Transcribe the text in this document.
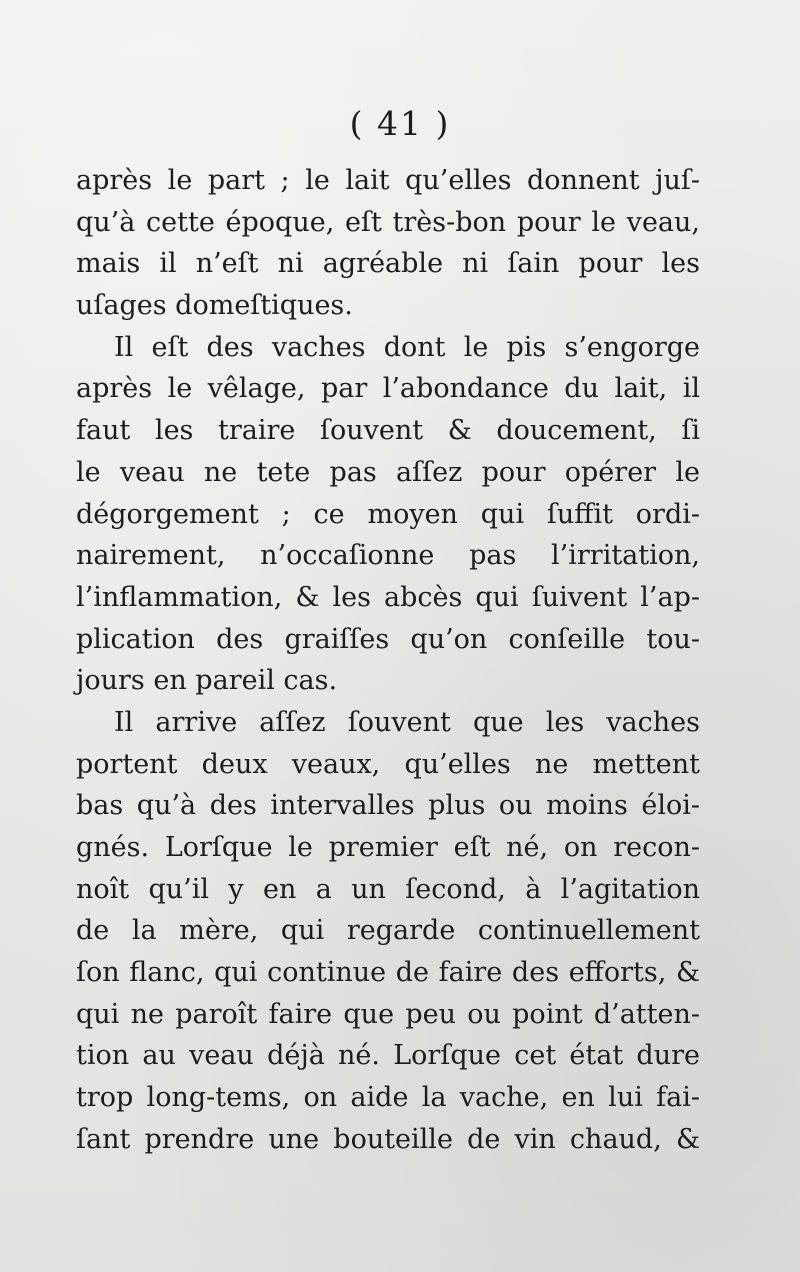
( 41 )
après le part ; le lait qu’elles donnent juſ-
qu’à cette époque, eſt très-bon pour le veau,
mais il n’eſt ni agréable ni ſain pour les
uſages domeſtiques.
Il eſt des vaches dont le pis s’engorge
après le vêlage, par l’abondance du lait, il
faut les traire ſouvent & doucement, ſi
le veau ne tete pas aſſez pour opérer le
dégorgement ; ce moyen qui ſuffit ordi-
nairement, n’occaſionne pas l’irritation,
l’inflammation, & les abcès qui ſuivent l’ap-
plication des graiſſes qu’on conſeille tou-
jours en pareil cas.
Il arrive aſſez ſouvent que les vaches
portent deux veaux, qu’elles ne mettent
bas qu’à des intervalles plus ou moins éloi-
gnés. Lorſque le premier eſt né, on recon-
noît qu’il y en a un ſecond, à l’agitation
de la mère, qui regarde continuellement
ſon flanc, qui continue de faire des efforts, &
qui ne paroît faire que peu ou point d’atten-
tion au veau déjà né. Lorſque cet état dure
trop long-tems, on aide la vache, en lui fai-
ſant prendre une bouteille de vin chaud, &
